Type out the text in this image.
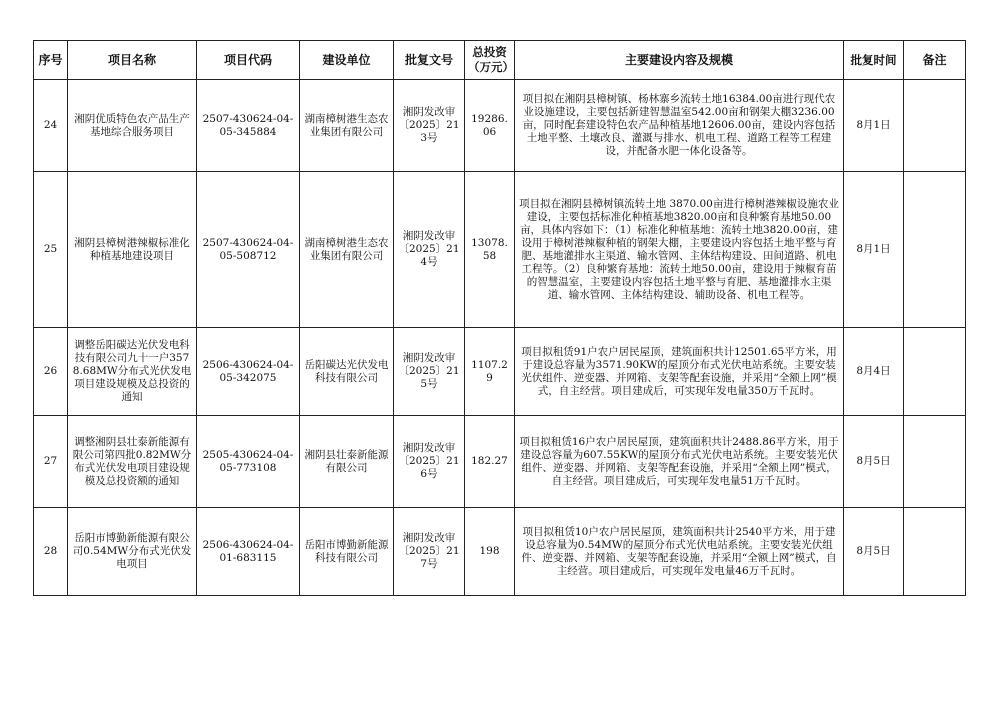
序号	项目名称	项目代码	建设单位	批复文号	总投资
（万元）	主要建设内容及规模	批复时间	备注
24	湘阴优质特色农产品生产基地综合服务项目	2507-430624-04-05-345884	湖南樟树港生态农业集团有限公司	湘阴发改审〔2025〕213号	19286.06	项目拟在湘阴县樟树镇、杨林寨乡流转土地16384.00亩进行现代农业设施建设，主要包括新建智慧温室542.00亩和钢架大棚3236.00亩，同时配套建设特色农产品种植基地12606.00亩，建设内容包括土地平整、土壤改良、灌溉与排水、机电工程、道路工程等工程建设，并配备水肥一体化设备等。	8月1日	
25	湘阴县樟树港辣椒标准化种植基地建设项目	2507-430624-04-05-508712	湖南樟树港生态农业集团有限公司	湘阴发改审〔2025〕214号	13078.58	项目拟在湘阴县樟树镇流转土地 3870.00亩进行樟树港辣椒设施农业建设，主要包括标准化种植基地3820.00亩和良种繁育基地50.00亩，具体内容如下：（1）标准化种植基地：流转土地3820.00亩，建设用于樟树港辣椒种植的钢架大棚，主要建设内容包括土地平整与育肥、基地灌排水主渠道、输水管网、主体结构建设、田间道路、机电工程等。（2）良种繁育基地：流转土地50.00亩，建设用于辣椒育苗的智慧温室，主要建设内容包括土地平整与育肥、基地灌排水主渠道、输水管网、主体结构建设、辅助设备、机电工程等。	8月1日	
26	调整岳阳碳达光伏发电科技有限公司九十一户3578.68MW分布式光伏发电项目建设规模及总投资的通知	2506-430624-04-05-342075	岳阳碳达光伏发电科技有限公司	湘阴发改审〔2025〕215号	1107.29	项目拟租赁91户农户居民屋顶，建筑面积共计12501.65平方米，用于建设总容量为3571.90KW的屋顶分布式光伏电站系统。主要安装光伏组件、逆变器、并网箱、支架等配套设施，并采用“全额上网”模式，自主经营。项目建成后，可实现年发电量350万千瓦时。	8月4日	
27	调整湘阴县壮泰新能源有限公司第四批0.82MW分布式光伏发电项目建设规模及总投资额的通知	2505-430624-04-05-773108	湘阴县壮泰新能源有限公司	湘阴发改审〔2025〕216号	182.27	项目拟租赁16户农户居民屋顶，建筑面积共计2488.86平方米，用于建设总容量为607.55KW的屋顶分布式光伏电站系统。主要安装光伏组件、逆变器、并网箱、支架等配套设施，并采用“全额上网”模式，自主经营。项目建成后，可实现年发电量51万千瓦时。	8月5日	
28	岳阳市博勤新能源有限公司0.54MW分布式光伏发电项目	2506-430624-04-01-683115	岳阳市博勤新能源科技有限公司	湘阴发改审〔2025〕217号	198	项目拟租赁10户农户居民屋顶，建筑面积共计2540平方米，用于建设总容量为0.54MW的屋顶分布式光伏电站系统。主要安装光伏组件、逆变器、并网箱、支架等配套设施，并采用“全额上网”模式，自主经营。项目建成后，可实现年发电量46万千瓦时。	8月5日	
